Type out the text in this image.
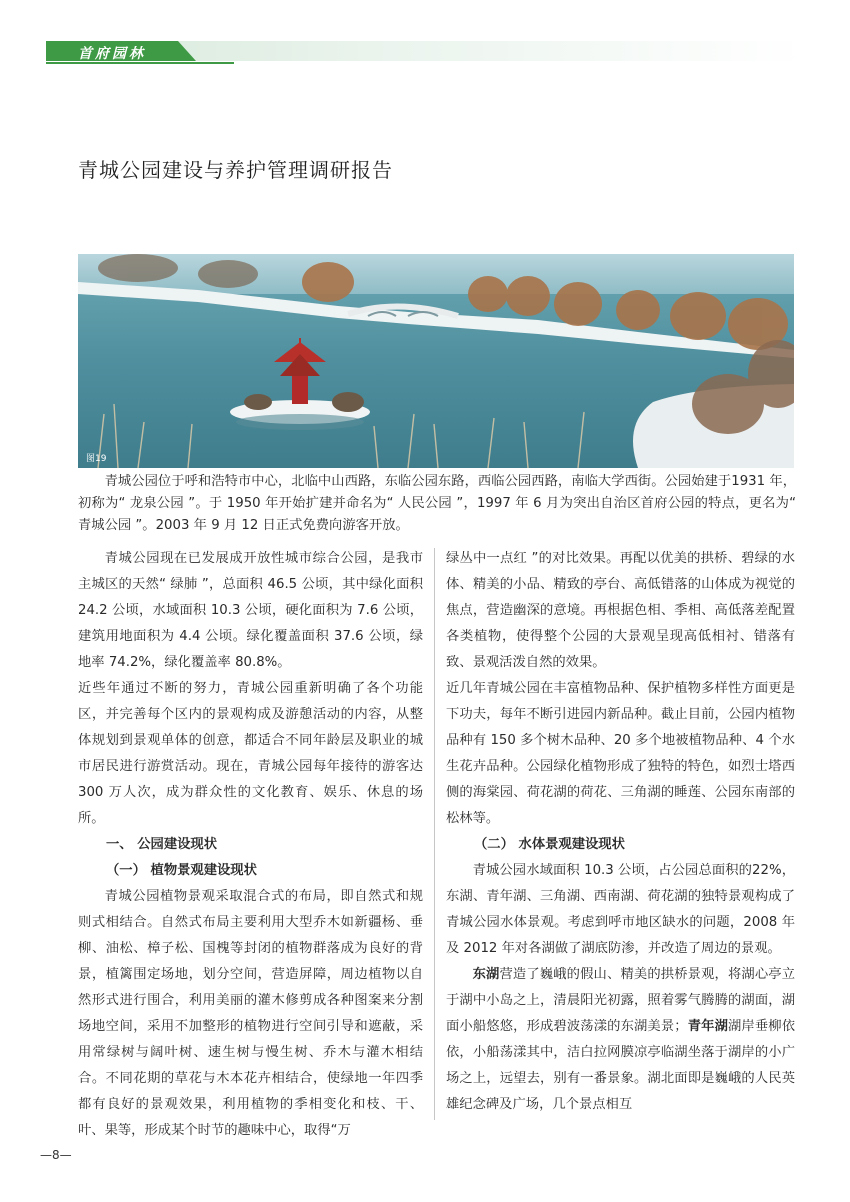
首府园林
青城公园建设与养护管理调研报告
图19

青城公园位于呼和浩特市中心，北临中山西路，东临公园东路，西临公园西路，南临大学西街。公园始建于1931 年，初称为“ 龙泉公园 ”。于 1950 年开始扩建并命名为“ 人民公园 ”，1997 年 6 月为突出自治区首府公园的特点，更名为“ 青城公园 ”。2003 年 9 月 12 日正式免费向游客开放。

青城公园现在已发展成开放性城市综合公园，是我市主城区的天然“ 绿肺 ”，总面积 46.5 公顷，其中绿化面积 24.2 公顷，水域面积 10.3 公顷，硬化面积为 7.6 公顷，建筑用地面积为 4.4 公顷。绿化覆盖面积 37.6 公顷，绿地率 74.2%，绿化覆盖率 80.8%。

近些年通过不断的努力，青城公园重新明确了各个功能区，并完善每个区内的景观构成及游憩活动的内容，从整体规划到景观单体的创意，都适合不同年龄层及职业的城市居民进行游赏活动。现在，青城公园每年接待的游客达 300 万人次，成为群众性的文化教育、娱乐、休息的场所。

一、 公园建设现状

（一） 植物景观建设现状

青城公园植物景观采取混合式的布局，即自然式和规则式相结合。自然式布局主要利用大型乔木如新疆杨、垂柳、油松、樟子松、国槐等封闭的植物群落成为良好的背景，植篱围定场地，划分空间，营造屏障，周边植物以自然形式进行围合，利用美丽的灌木修剪成各种图案来分割场地空间，采用不加整形的植物进行空间引导和遮蔽，采用常绿树与阔叶树、速生树与慢生树、乔木与灌木相结合。不同花期的草花与木本花卉相结合，使绿地一年四季都有良好的景观效果，利用植物的季相变化和枝、干、叶、果等，形成某个时节的趣味中心，取得“万

绿丛中一点红 ”的对比效果。再配以优美的拱桥、碧绿的水体、精美的小品、精致的亭台、高低错落的山体成为视觉的焦点，营造幽深的意境。再根据色相、季相、高低落差配置各类植物，使得整个公园的大景观呈现高低相衬、错落有致、景观活泼自然的效果。

近几年青城公园在丰富植物品种、保护植物多样性方面更是下功夫，每年不断引进园内新品种。截止目前，公园内植物品种有 150 多个树木品种、20 多个地被植物品种、4 个水生花卉品种。公园绿化植物形成了独特的特色，如烈士塔西侧的海棠园、荷花湖的荷花、三角湖的睡莲、公园东南部的松林等。

（二） 水体景观建设现状

青城公园水域面积 10.3 公顷，占公园总面积的22%，东湖、青年湖、三角湖、西南湖、荷花湖的独特景观构成了青城公园水体景观。考虑到呼市地区缺水的问题，2008 年及 2012 年对各湖做了湖底防渗，并改造了周边的景观。

东湖营造了巍峨的假山、精美的拱桥景观，将湖心亭立于湖中小岛之上，清晨阳光初露，照着雾气腾腾的湖面，湖面小船悠悠，形成碧波荡漾的东湖美景；青年湖湖岸垂柳依依，小船荡漾其中，洁白拉网膜凉亭临湖坐落于湖岸的小广场之上，远望去，别有一番景象。湖北面即是巍峨的人民英雄纪念碑及广场，几个景点相互

—8—
